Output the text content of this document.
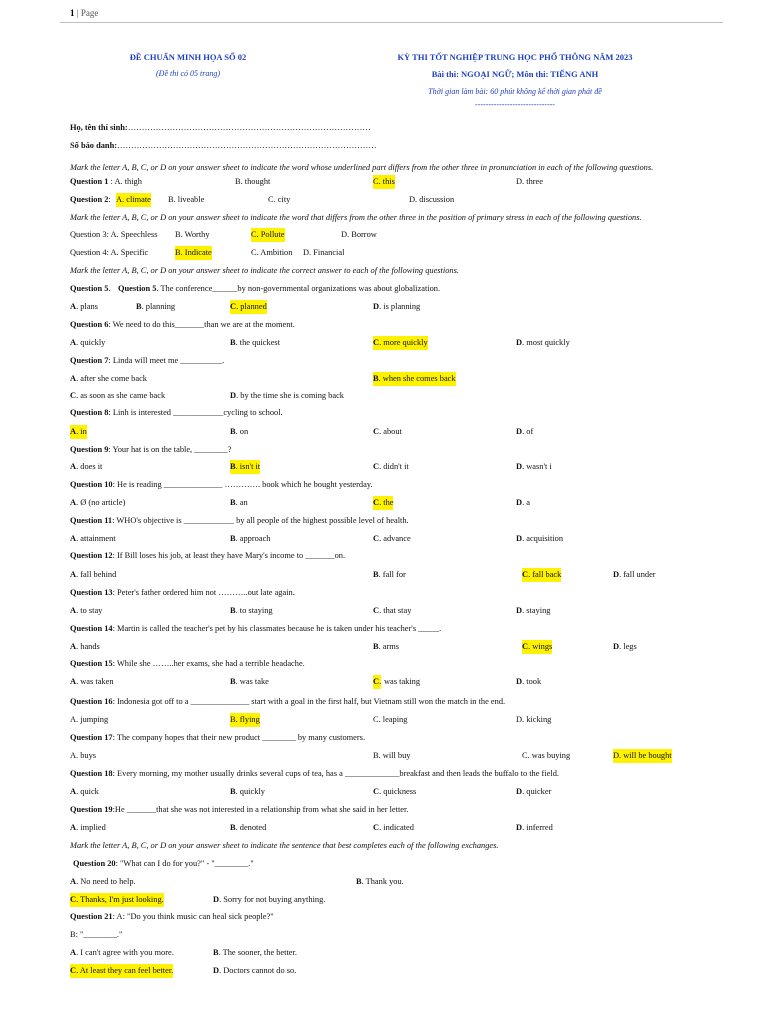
1 | Page
ĐỀ CHUẨN MINH HỌA SỐ 02
(Đề thi có 05 trang)
KỲ THI TỐT NGHIỆP TRUNG HỌC PHỔ THÔNG NĂM 2023
Bài thi: NGOẠI NGỮ; Môn thi: TIẾNG ANH
Thời gian làm bài: 60 phút không kể thời gian phát đề
------------------------------
Họ, tên thí sinh:……………………………………………………………………………
Số báo danh:…………………………………………………………………………………
Mark the letter A, B, C, or D on your answer sheet to indicate the word whose underlined part differs from the other three in pronunciation in each of the following questions.
Question 1 : A. thigh	B. thought	C. this	D. three
Question 2: A. climate B. liveable	C. city	D. discussion
Mark the letter A, B, C, or D on your answer sheet to indicate the word that differs from the other three in the position of primary stress in each of the following questions.
Question 3: A. Speechless B. Worthy	C. Pollute	D. Borrow
Question 4: A. Specific	B. Indicate	C. Ambition D. Financial
Mark the letter A, B, C, or D on your answer sheet to indicate the correct answer to each of the following questions.
Question 5. Question 5. The conference______by non-governmental organizations was about globalization.
A. plans	B. planning	C. planned	D. is planning
Question 6: We need to do this_______than we are at the moment.
A. quickly	B. the quickest	C. more quickly	D. most quickly
Question 7: Linda will meet me __________.
A. after she come back	B. when she comes back
C. as soon as she came back	D. by the time she is coming back
Question 8: Linh is interested ____________cycling to school.
A. in	B. on	C. about	D. of
Question 9: Your hat is on the table, ________?
A. does it	B. isn't it	C. didn't it	D. wasn't i
Question 10: He is reading ______________ …………. book which he bought yesterday.
A. Ø (no article)	B. an	C. the	D. a
Question 11: WHO's objective is ____________ by all people of the highest possible level of health.
A. attainment	B. approach	C. advance	D. acquisition
Question 12: If Bill loses his job, at least they have Mary's income to _______on.
A. fall behind	B. fall for	C. fall back	D. fall under
Question 13: Peter's father ordered him not ………..out late again.
A. to stay	B. to staying	C. that stay	D. staying
Question 14: Martin is called the teacher's pet by his classmates because he is taken under his teacher's _____.
A. hands	B. arms	C. wings	D. legs
Question 15: While she ……..her exams, she had a terrible headache.
A. was taken	B. was take	C. was taking	D. took
Question 16: Indonesia got off to a ______________ start with a goal in the first half, but Vietnam still won the match in the end.
A. jumping	B. flying	C. leaping	D. kicking
Question 17: The company hopes that their new product ________ by many customers.
A. buys	B. will buy	C. was buying	D. will be bought
Question 18: Every morning, my mother usually drinks several cups of tea, has a _____________breakfast and then leads the buffalo to the field.
A. quick	B. quickly	C. quickness	D. quicker
Question 19:He _______that she was not interested in a relationship from what she said in her letter.
A. implied	B. denoted	C. indicated	D. inferred
Mark the letter A, B, C, or D on your answer sheet to indicate the sentence that best completes each of the following exchanges.
Question 20: "What can I do for you?" - "________."
A. No need to help.	B. Thank you.
C. Thanks, I'm just looking.	D. Sorry for not buying anything.
Question 21: A: "Do you think music can heal sick people?"
B: "________."
A. I can't agree with you more.	B. The sooner, the better.
C. At least they can feel better.	D. Doctors cannot do so.
